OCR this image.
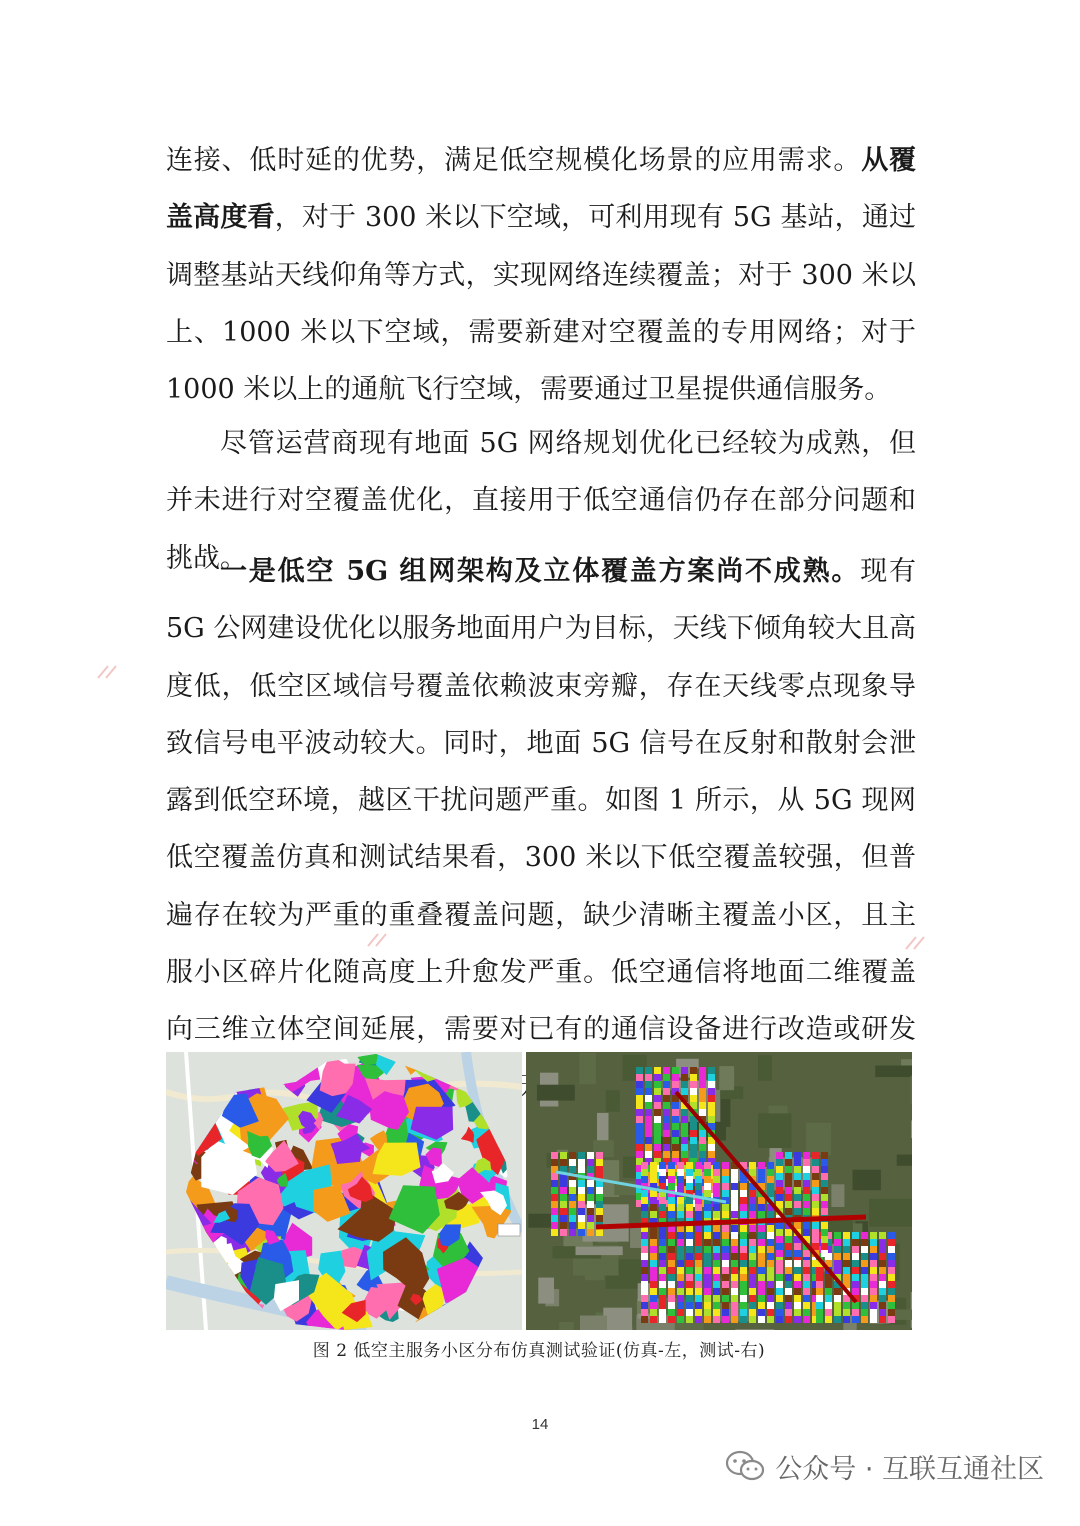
连接、低时延的优势，满足低空规模化场景的应用需求。从覆盖高度看，对于 300 米以下空域，可利用现有 5G 基站，通过调整基站天线仰角等方式，实现网络连续覆盖；对于 300 米以上、1000 米以下空域，需要新建对空覆盖的专用网络；对于 1000 米以上的通航飞行空域，需要通过卫星提供通信服务。

尽管运营商现有地面 5G 网络规划优化已经较为成熟，但并未进行对空覆盖优化，直接用于低空通信仍存在部分问题和挑战。

一是低空 5G 组网架构及立体覆盖方案尚不成熟。现有 5G 公网建设优化以服务地面用户为目标，天线下倾角较大且高度低，低空区域信号覆盖依赖波束旁瓣，存在天线零点现象导致信号电平波动较大。同时，地面 5G 信号在反射和散射会泄露到低空环境，越区干扰问题严重。如图 1 所示，从 5G 现网低空覆盖仿真和测试结果看，300 米以下低空覆盖较强，但普遍存在较为严重的重叠覆盖问题，缺少清晰主覆盖小区，且主服小区碎片化随高度上升愈发严重。低空通信将地面二维覆盖向三维立体空间延展，需要对已有的通信设备进行改造或研发

图 2 低空主服务小区分布仿真测试验证(仿真-左，测试-右)
14
公众号 · 互联互通社区
